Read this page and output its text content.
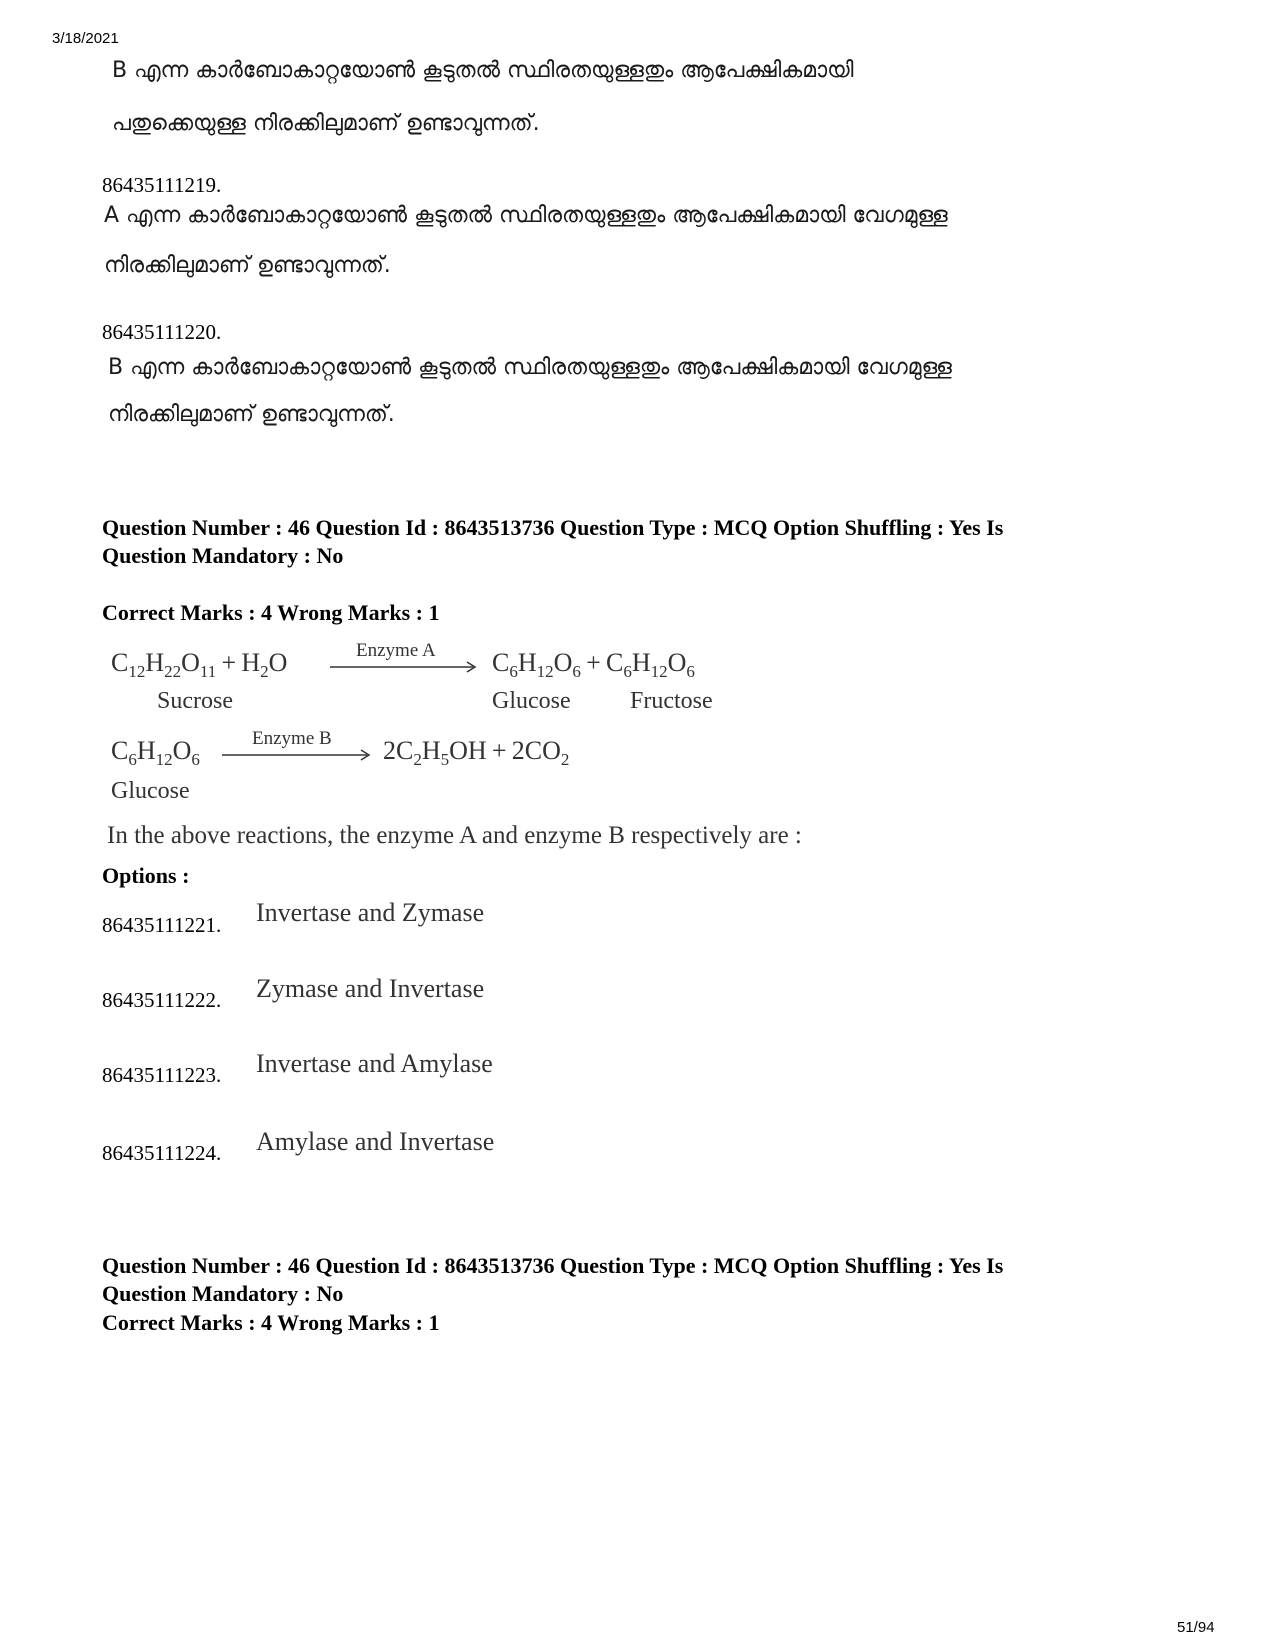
3/18/2021
51/94
B എന്ന കാർബോകാറ്റയോൺ കൂടുതൽ സ്ഥിരതയുള്ളതും ആപേക്ഷികമായി
പതുക്കെയുള്ള നിരക്കിലുമാണ് ഉണ്ടാവുന്നത്.
86435111219.
A എന്ന കാർബോകാറ്റയോൺ കൂടുതൽ സ്ഥിരതയുള്ളതും ആപേക്ഷികമായി വേഗമുള്ള
നിരക്കിലുമാണ് ഉണ്ടാവുന്നത്.
86435111220.
B എന്ന കാർബോകാറ്റയോൺ കൂടുതൽ സ്ഥിരതയുള്ളതും ആപേക്ഷികമായി വേഗമുള്ള
നിരക്കിലുമാണ് ഉണ്ടാവുന്നത്.
Question Number : 46 Question Id : 8643513736 Question Type : MCQ Option Shuffling : Yes Is
Question Mandatory : No
Correct Marks : 4 Wrong Marks : 1
$C_{12}H_{22}O_{11} + H_2O$	Enzyme A $C_6H_{12}O_6 + C_6H_{12}O_6$
Sucrose	Glucose Fructose
$C_6H_{12}O_6$
Enzyme B $2C_2H_5OH + 2CO_2$
Glucose
In the above reactions, the enzyme A and enzyme B respectively are :
Options :
86435111221. Invertase and Zymase
86435111222. Zymase and Invertase
86435111223. Invertase and Amylase
86435111224. Amylase and Invertase
Question Number : 46 Question Id : 8643513736 Question Type : MCQ Option Shuffling : Yes Is
Question Mandatory : No
Correct Marks : 4 Wrong Marks : 1
